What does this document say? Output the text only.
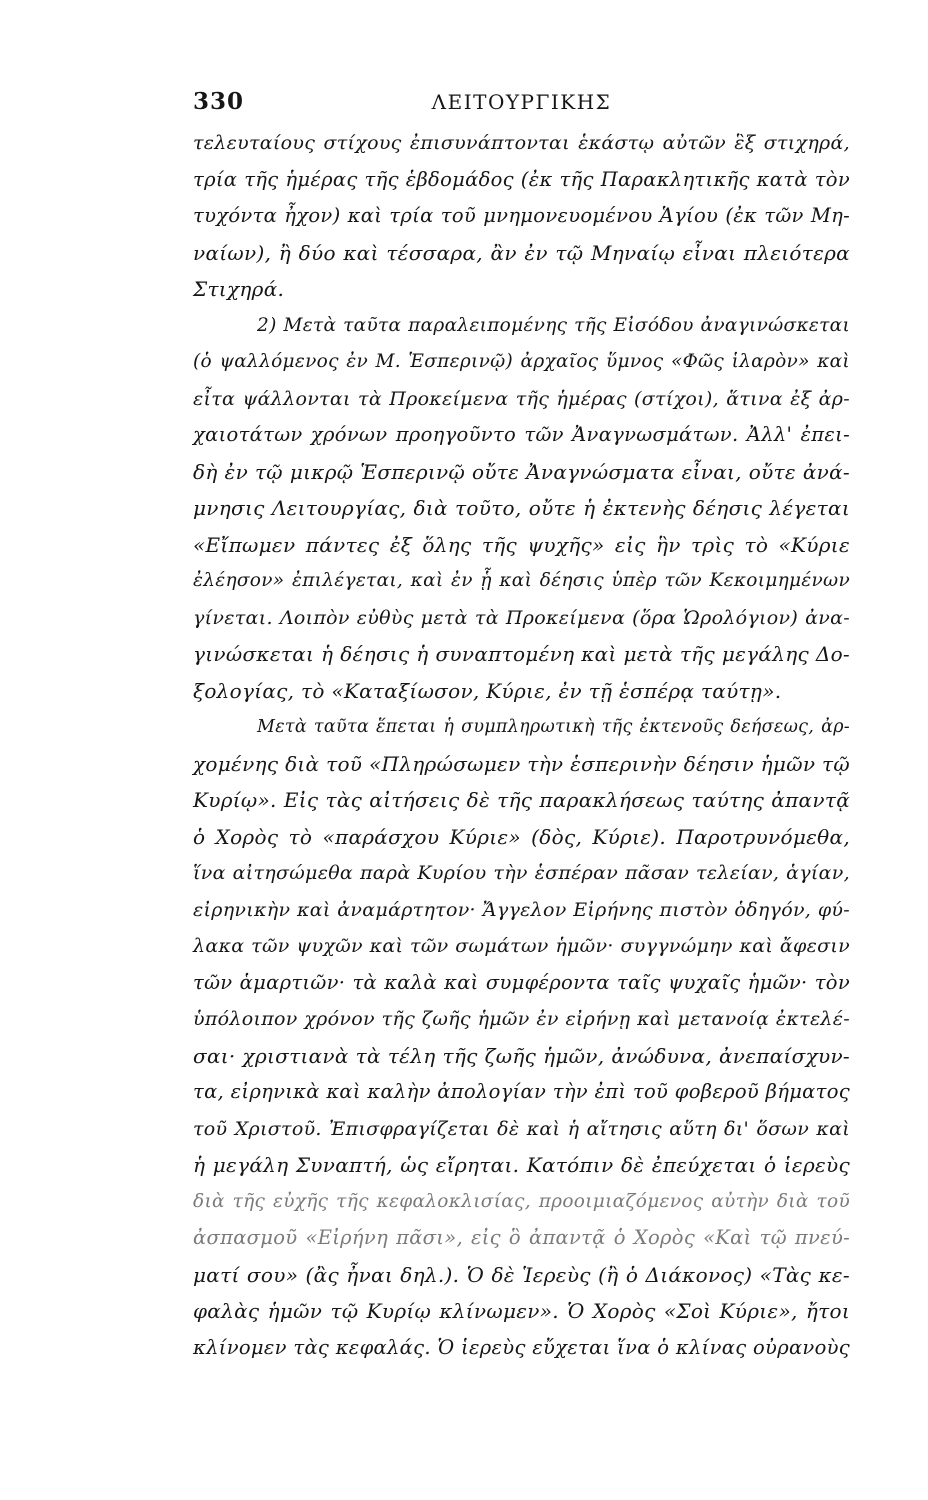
330	ΛΕΙΤΟΥΡΓΙΚΗΣ
τελευταίους στίχους ἐπισυνάπτονται ἑκάστῳ αὐτῶν ἓξ στιχηρά,
τρία τῆς ἡμέρας τῆς ἑβδομάδος (ἐκ τῆς Παρακλητικῆς κατὰ τὸν
τυχόντα ἦχον) καὶ τρία τοῦ μνημονευομένου Ἁγίου (ἐκ τῶν Μη-
ναίων), ἢ δύο καὶ τέσσαρα, ἂν ἐν τῷ Μηναίῳ εἶναι πλειότερα
Στιχηρά.
2) Μετὰ ταῦτα παραλειπομένης τῆς Εἰσόδου ἀναγινώσκεται
(ὁ ψαλλόμενος ἐν Μ. Ἑσπερινῷ) ἀρχαῖος ὕμνος «Φῶς ἱλαρὸν» καὶ
εἶτα ψάλλονται τὰ Προκείμενα τῆς ἡμέρας (στίχοι), ἅτινα ἐξ ἀρ-
χαιοτάτων χρόνων προηγοῦντο τῶν Ἀναγνωσμάτων. Ἀλλ' ἐπει-
δὴ ἐν τῷ μικρῷ Ἑσπερινῷ οὔτε Ἀναγνώσματα εἶναι, οὔτε ἀνά-
μνησις Λειτουργίας, διὰ τοῦτο, οὔτε ἡ ἐκτενὴς δέησις λέγεται
«Εἴπωμεν πάντες ἐξ ὅλης τῆς ψυχῆς» εἰς ἣν τρὶς τὸ «Κύριε
ἐλέησον» ἐπιλέγεται, καὶ ἐν ᾗ καὶ δέησις ὑπὲρ τῶν Κεκοιμημένων
γίνεται. Λοιπὸν εὐθὺς μετὰ τὰ Προκείμενα (ὅρα Ὡρολόγιον) ἀνα-
γινώσκεται ἡ δέησις ἡ συναπτομένη καὶ μετὰ τῆς μεγάλης Δο-
ξολογίας, τὸ «Καταξίωσον, Κύριε, ἐν τῇ ἑσπέρᾳ ταύτῃ».
Μετὰ ταῦτα ἕπεται ἡ συμπληρωτικὴ τῆς ἐκτενοῦς δεήσεως, ἀρ-
χομένης διὰ τοῦ «Πληρώσωμεν τὴν ἑσπερινὴν δέησιν ἡμῶν τῷ
Κυρίῳ». Εἰς τὰς αἰτήσεις δὲ τῆς παρακλήσεως ταύτης ἀπαντᾷ
ὁ Χορὸς τὸ «παράσχου Κύριε» (δὸς, Κύριε). Παροτρυνόμεθα,
ἵνα αἰτησώμεθα παρὰ Κυρίου τὴν ἑσπέραν πᾶσαν τελείαν, ἁγίαν,
εἰρηνικὴν καὶ ἀναμάρτητον· Ἄγγελον Εἰρήνης πιστὸν ὁδηγόν, φύ-
λακα τῶν ψυχῶν καὶ τῶν σωμάτων ἡμῶν· συγγνώμην καὶ ἄφεσιν
τῶν ἁμαρτιῶν· τὰ καλὰ καὶ συμφέροντα ταῖς ψυχαῖς ἡμῶν· τὸν
ὑπόλοιπον χρόνον τῆς ζωῆς ἡμῶν ἐν εἰρήνῃ καὶ μετανοίᾳ ἐκτελέ-
σαι· χριστιανὰ τὰ τέλη τῆς ζωῆς ἡμῶν, ἀνώδυνα, ἀνεπαίσχυν-
τα, εἰρηνικὰ καὶ καλὴν ἀπολογίαν τὴν ἐπὶ τοῦ φοβεροῦ βήματος
τοῦ Χριστοῦ. Ἐπισφραγίζεται δὲ καὶ ἡ αἴτησις αὕτη δι' ὅσων καὶ
ἡ μεγάλη Συναπτή, ὡς εἴρηται. Κατόπιν δὲ ἐπεύχεται ὁ ἱερεὺς
διὰ τῆς εὐχῆς τῆς κεφαλοκλισίας, προοιμιαζόμενος αὐτὴν διὰ τοῦ
ἀσπασμοῦ «Εἰρήνη πᾶσι», εἰς ὃ ἀπαντᾷ ὁ Χορὸς «Καὶ τῷ πνεύ-
ματί σου» (ἂς ἦναι δηλ.). Ὁ δὲ Ἱερεὺς (ἢ ὁ Διάκονος) «Τὰς κε-
φαλὰς ἡμῶν τῷ Κυρίῳ κλίνωμεν». Ὁ Χορὸς «Σοὶ Κύριε», ἤτοι
κλίνομεν τὰς κεφαλάς. Ὁ ἱερεὺς εὔχεται ἵνα ὁ κλίνας οὐρανοὺς
